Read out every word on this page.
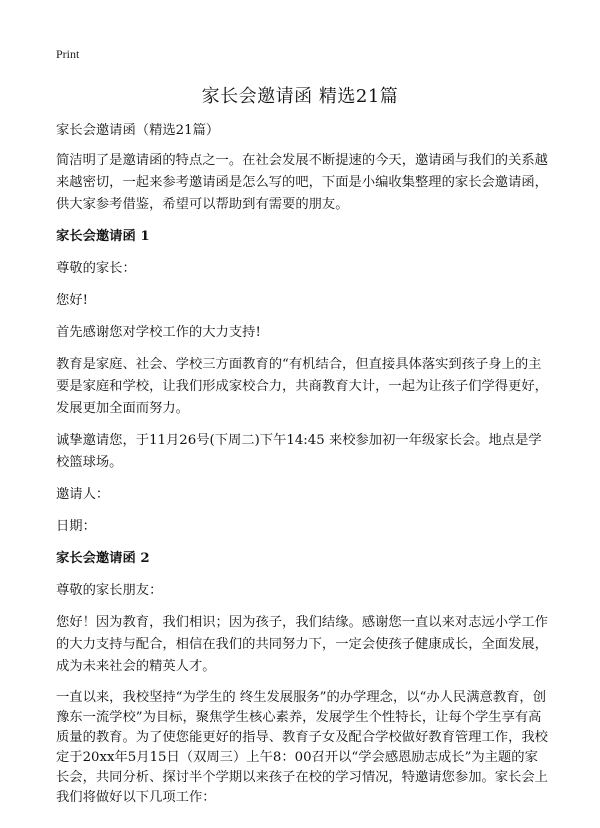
Print
家长会邀请函 精选21篇

家长会邀请函（精选21篇）

简洁明了是邀请函的特点之一。在社会发展不断提速的今天，邀请函与我们的关系越来越密切，一起来参考邀请函是怎么写的吧，下面是小编收集整理的家长会邀请函，供大家参考借鉴，希望可以帮助到有需要的朋友。

家长会邀请函 1

尊敬的家长：

您好!

首先感谢您对学校工作的大力支持!

教育是家庭、社会、学校三方面教育的“有机结合，但直接具体落实到孩子身上的主要是家庭和学校，让我们形成家校合力，共商教育大计，一起为让孩子们学得更好，发展更加全面而努力。

诚挚邀请您，于11月26号(下周二)下午14:45 来校参加初一年级家长会。地点是学校篮球场。

邀请人：

日期：

家长会邀请函 2

尊敬的家长朋友：

您好！因为教育，我们相识；因为孩子，我们结缘。感谢您一直以来对志远小学工作的大力支持与配合，相信在我们的共同努力下，一定会使孩子健康成长，全面发展，成为未来社会的精英人才。

一直以来，我校坚持“为学生的 终生发展服务”的办学理念，以“办人民满意教育，创豫东一流学校”为目标，聚焦学生核心素养，发展学生个性特长，让每个学生享有高质量的教育。为了使您能更好的指导、教育子女及配合学校做好教育管理工作，我校定于20xx年5月15日（双周三）上午8：00召开以“学会感恩励志成长”为主题的家长会，共同分析、探讨半个学期以来孩子在校的学习情况，特邀请您参加。家长会上我们将做好以下几项工作：
